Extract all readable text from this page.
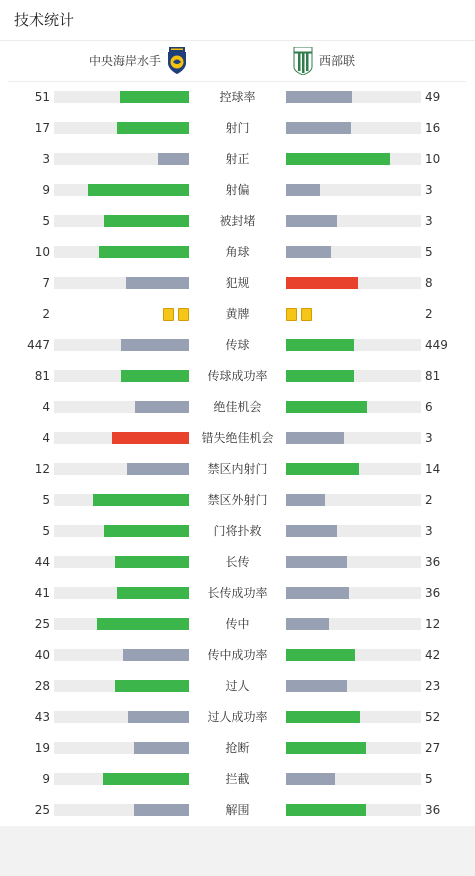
技术统计
中央海岸水手	西部联
51	控球率	49
17	射门	16
3	射正	10
9	射偏	3
5	被封堵	3
10	角球	5
7	犯规	8
2	黄牌	2
447	传球	449
81	传球成功率	81
4	绝佳机会	6
4	错失绝佳机会	3
12	禁区内射门	14
5	禁区外射门	2
5	门将扑救	3
44	长传	36
41	长传成功率	36
25	传中	12
40	传中成功率	42
28	过人	23
43	过人成功率	52
19	抢断	27
9	拦截	5
25	解围	36
